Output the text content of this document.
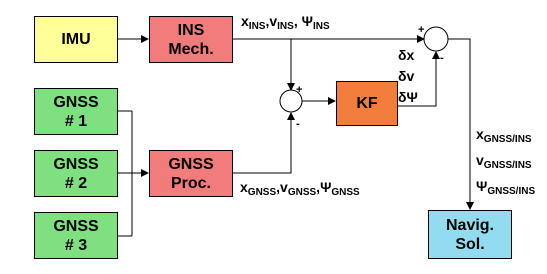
IMU
INS
Mech.
KF
GNSS
# 1
GNSS
# 2
GNSS
# 3
GNSS
Proc.
Navig.
Sol.
$x_{INS},v_{INS}$, $\Psi_{INS}$
$x_{GNSS},v_{GNSS},\Psi_{GNSS}$
δx
δv
δΨ
$x_{GNSS/INS}$
$v_{GNSS/INS}$
$\Psi_{GNSS/INS}$
+
-
+
-
